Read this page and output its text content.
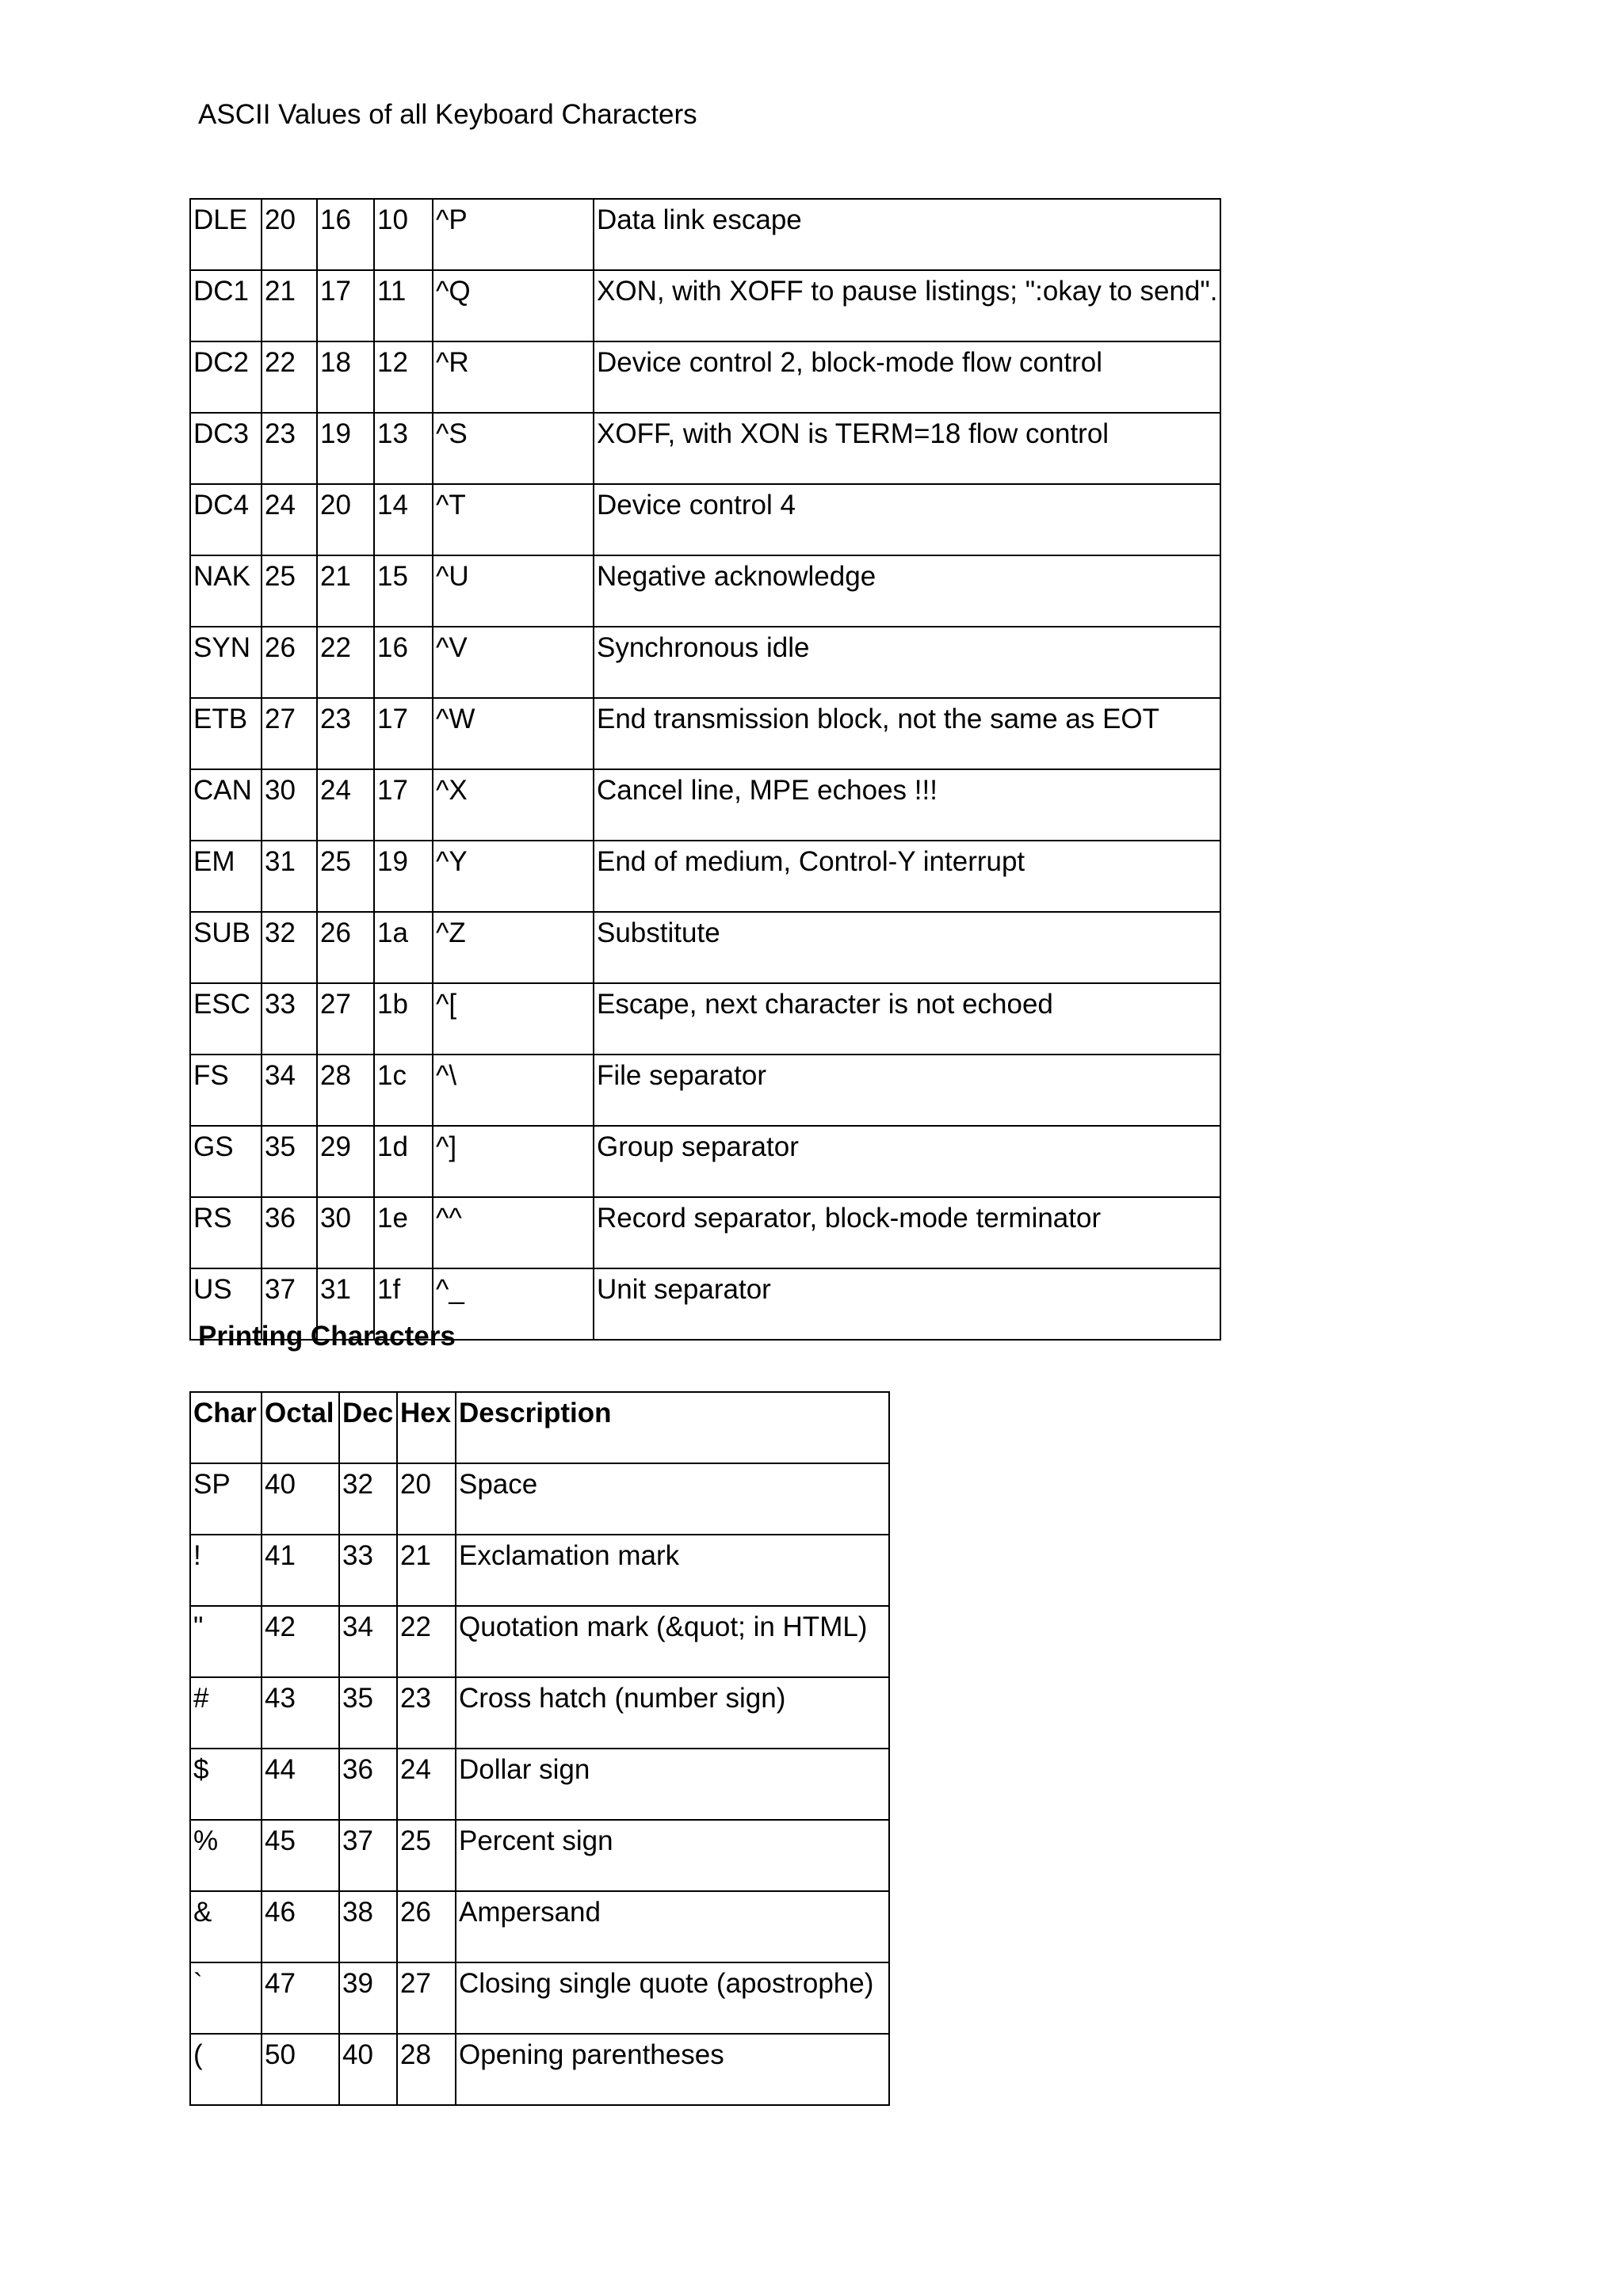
ASCII Values of all Keyboard Characters
DLE	20	16	10	^P	Data link escape
DC1	21	17	11	^Q	XON, with XOFF to pause listings; ":okay to send".
DC2	22	18	12	^R	Device control 2, block-mode flow control
DC3	23	19	13	^S	XOFF, with XON is TERM=18 flow control
DC4	24	20	14	^T	Device control 4
NAK	25	21	15	^U	Negative acknowledge
SYN	26	22	16	^V	Synchronous idle
ETB	27	23	17	^W	End transmission block, not the same as EOT
CAN	30	24	17	^X	Cancel line, MPE echoes !!!
EM	31	25	19	^Y	End of medium, Control-Y interrupt
SUB	32	26	1a	^Z	Substitute
ESC	33	27	1b	^[	Escape, next character is not echoed
FS	34	28	1c	^\	File separator
GS	35	29	1d	^]	Group separator
RS	36	30	1e	^^	Record separator, block-mode terminator
US	37	31	1f	^_	Unit separator
Printing Characters
Char	Octal	Dec	Hex	Description
SP	40	32	20	Space
!	41	33	21	Exclamation mark
"	42	34	22	Quotation mark (&quot; in HTML)
#	43	35	23	Cross hatch (number sign)
$	44	36	24	Dollar sign
%	45	37	25	Percent sign
&	46	38	26	Ampersand
`	47	39	27	Closing single quote (apostrophe)
(	50	40	28	Opening parentheses
